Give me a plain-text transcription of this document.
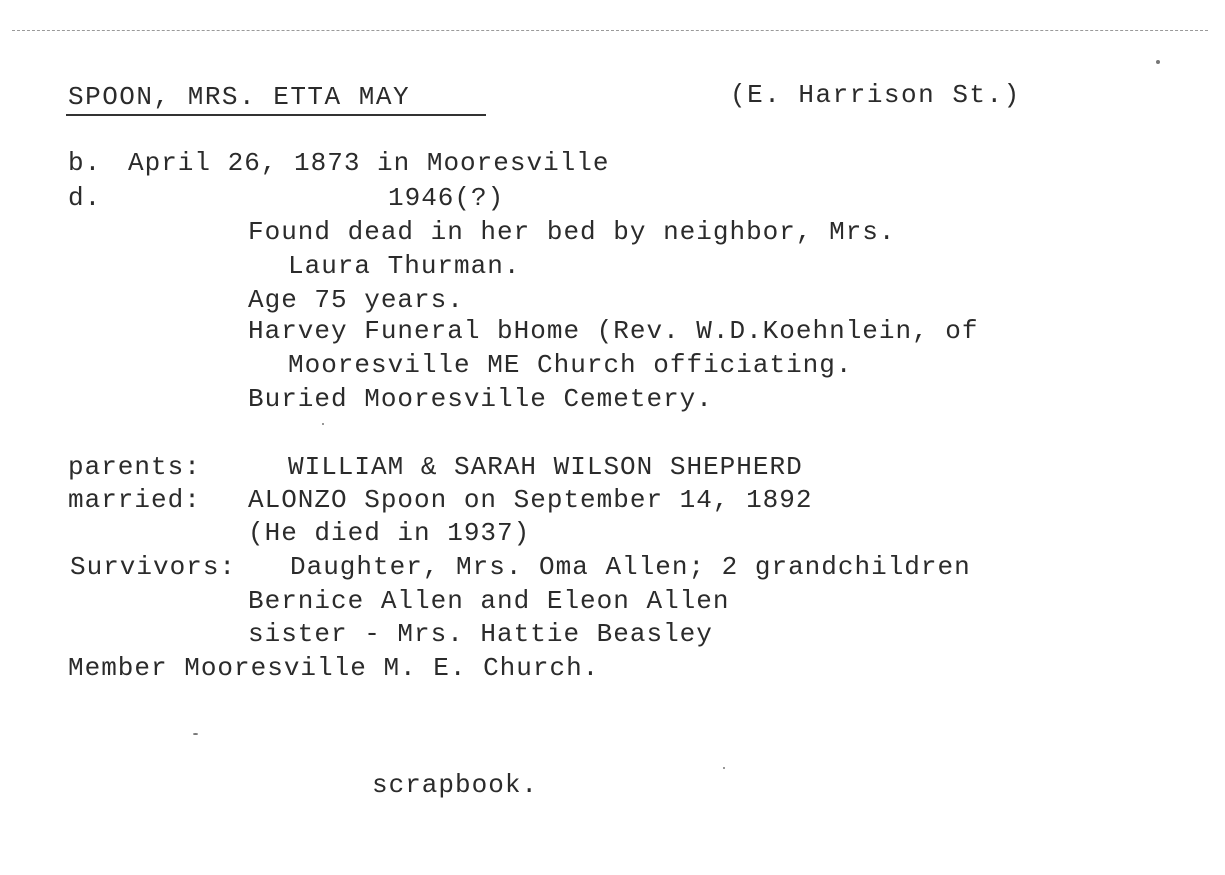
SPOON, MRS. ETTA MAY	(E. Harrison St.)
b. April 26, 1873 in Mooresville
d.	1946(?)
Found dead in her bed by neighbor, Mrs.
Laura Thurman.
Age 75 years.
Harvey Funeral bHome (Rev. W.D.Koehnlein, of
Mooresville ME Church officiating.
Buried Mooresville Cemetery.
parents:	WILLIAM & SARAH WILSON SHEPHERD
married: ALONZO Spoon on September 14, 1892
(He died in 1937)
Survivors: Daughter, Mrs. Oma Allen; 2 grandchildren
Bernice Allen and Eleon Allen
sister - Mrs. Hattie Beasley
Member Mooresville M. E. Church.
scrapbook.
